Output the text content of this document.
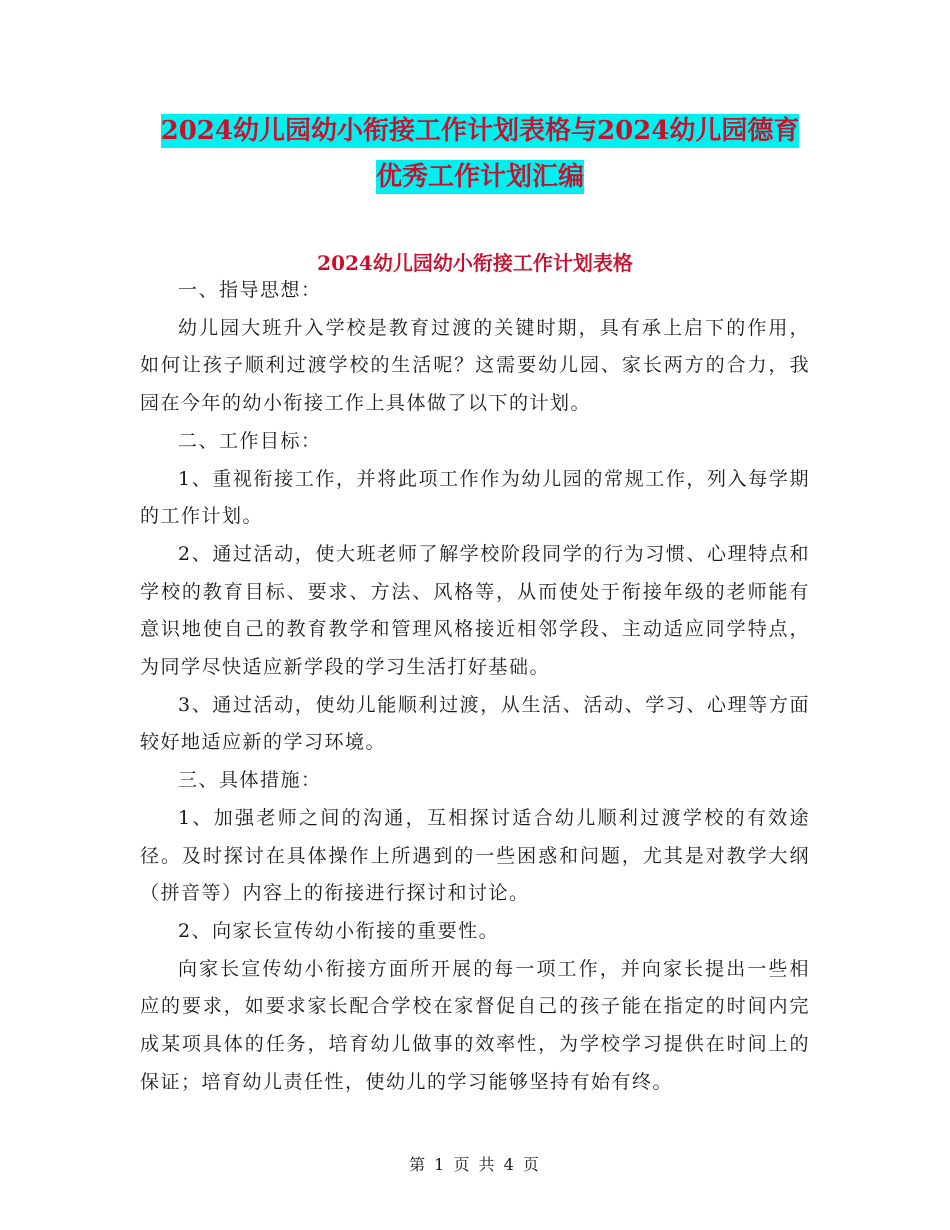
2024幼儿园幼小衔接工作计划表格与2024幼儿园德育
优秀工作计划汇编
2024幼儿园幼小衔接工作计划表格

一、指导思想：

幼儿园大班升入学校是教育过渡的关键时期，具有承上启下的作用，如何让孩子顺利过渡学校的生活呢？这需要幼儿园、家长两方的合力，我园在今年的幼小衔接工作上具体做了以下的计划。

二、工作目标：

1、重视衔接工作，并将此项工作作为幼儿园的常规工作，列入每学期的工作计划。

2、通过活动，使大班老师了解学校阶段同学的行为习惯、心理特点和学校的教育目标、要求、方法、风格等，从而使处于衔接年级的老师能有意识地使自己的教育教学和管理风格接近相邻学段、主动适应同学特点，为同学尽快适应新学段的学习生活打好基础。

3、通过活动，使幼儿能顺利过渡，从生活、活动、学习、心理等方面较好地适应新的学习环境。

三、具体措施：

1、加强老师之间的沟通，互相探讨适合幼儿顺利过渡学校的有效途径。及时探讨在具体操作上所遇到的一些困惑和问题，尤其是对教学大纲（拼音等）内容上的衔接进行探讨和讨论。

2、向家长宣传幼小衔接的重要性。

向家长宣传幼小衔接方面所开展的每一项工作，并向家长提出一些相应的要求，如要求家长配合学校在家督促自己的孩子能在指定的时间内完成某项具体的任务，培育幼儿做事的效率性，为学校学习提供在时间上的保证；培育幼儿责任性，使幼儿的学习能够坚持有始有终。

第 1 页 共 4 页
